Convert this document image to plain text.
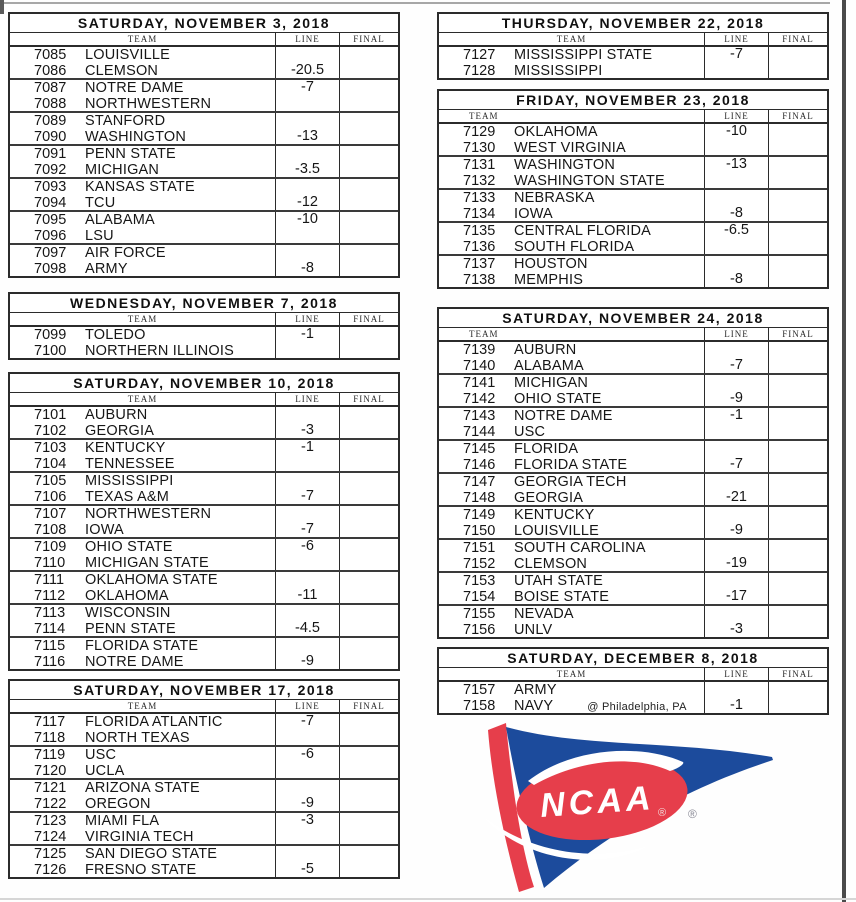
SATURDAY, NOVEMBER 3, 2018
TEAM	LINE	FINAL
7085 LOUISVILLE
7086 CLEMSON	-20.5
7087 NOTRE DAME	-7
7088 NORTHWESTERN
7089 STANFORD
7090 WASHINGTON	-13
7091 PENN STATE
7092 MICHIGAN	-3.5
7093 KANSAS STATE
7094 TCU	-12
7095 ALABAMA	-10
7096 LSU
7097 AIR FORCE
7098 ARMY	-8
WEDNESDAY, NOVEMBER 7, 2018
TEAM	LINE	FINAL
7099 TOLEDO	-1
7100 NORTHERN ILLINOIS
SATURDAY, NOVEMBER 10, 2018
TEAM	LINE	FINAL
7101 AUBURN
7102 GEORGIA	-3
7103 KENTUCKY	-1
7104 TENNESSEE
7105 MISSISSIPPI
7106 TEXAS A&M	-7
7107 NORTHWESTERN
7108 IOWA	-7
7109 OHIO STATE	-6
7110 MICHIGAN STATE
7111 OKLAHOMA STATE
7112 OKLAHOMA	-11
7113 WISCONSIN
7114 PENN STATE	-4.5
7115 FLORIDA STATE
7116 NOTRE DAME	-9
SATURDAY, NOVEMBER 17, 2018
TEAM	LINE	FINAL
7117 FLORIDA ATLANTIC	-7
7118 NORTH TEXAS
7119 USC	-6
7120 UCLA
7121 ARIZONA STATE
7122 OREGON	-9
7123 MIAMI FLA	-3
7124 VIRGINIA TECH
7125 SAN DIEGO STATE
7126 FRESNO STATE	-5
THURSDAY, NOVEMBER 22, 2018
TEAM	LINE	FINAL
7127 MISSISSIPPI STATE	-7
7128 MISSISSIPPI
FRIDAY, NOVEMBER 23, 2018
TEAM	LINE	FINAL
7129 OKLAHOMA	-10
7130 WEST VIRGINIA
7131 WASHINGTON	-13
7132 WASHINGTON STATE
7133 NEBRASKA
7134 IOWA	-8
7135 CENTRAL FLORIDA	-6.5
7136 SOUTH FLORIDA
7137 HOUSTON
7138 MEMPHIS	-8
SATURDAY, NOVEMBER 24, 2018
TEAM	LINE	FINAL
7139 AUBURN
7140 ALABAMA	-7
7141 MICHIGAN
7142 OHIO STATE	-9
7143 NOTRE DAME	-1
7144 USC
7145 FLORIDA
7146 FLORIDA STATE	-7
7147 GEORGIA TECH
7148 GEORGIA	-21
7149 KENTUCKY
7150 LOUISVILLE	-9
7151 SOUTH CAROLINA
7152 CLEMSON	-19
7153 UTAH STATE
7154 BOISE STATE	-17
7155 NEVADA
7156 UNLV	-3
SATURDAY, DECEMBER 8, 2018
TEAM	LINE	FINAL
7157 ARMY
7158 NAVY	@ Philadelphia, PA	-1
NCAA ® ®
